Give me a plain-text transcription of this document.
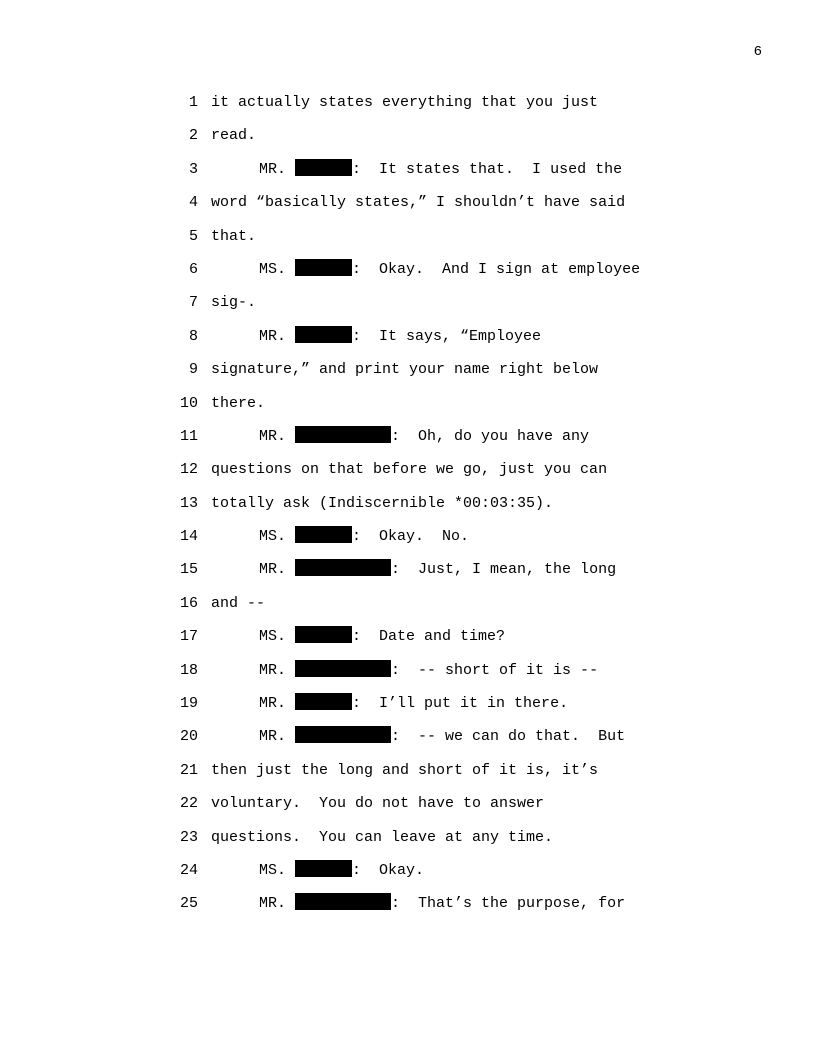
6
1 it actually states everything that you just
2 read.
3	MR.	:  It states that.  I used the
4 word “basically states,” I shouldn’t have said
5 that.
6	MS.	:  Okay.  And I sign at employee
7 sig-.
8	MR.	:  It says, “Employee
9 signature,” and print your name right below
10 there.
11	MR.	:  Oh, do you have any
12 questions on that before we go, just you can
13 totally ask (Indiscernible *00:03:35).
14	MS.	:  Okay.  No.
15	MR.	:  Just, I mean, the long
16 and --
17	MS.	:  Date and time?
18	MR.	:  -- short of it is --
19	MR.	:  I’ll put it in there.
20	MR.	:  -- we can do that.  But
21 then just the long and short of it is, it’s
22 voluntary.  You do not have to answer
23 questions.  You can leave at any time.
24	MS.	:  Okay.
25	MR.	:  That’s the purpose, for
